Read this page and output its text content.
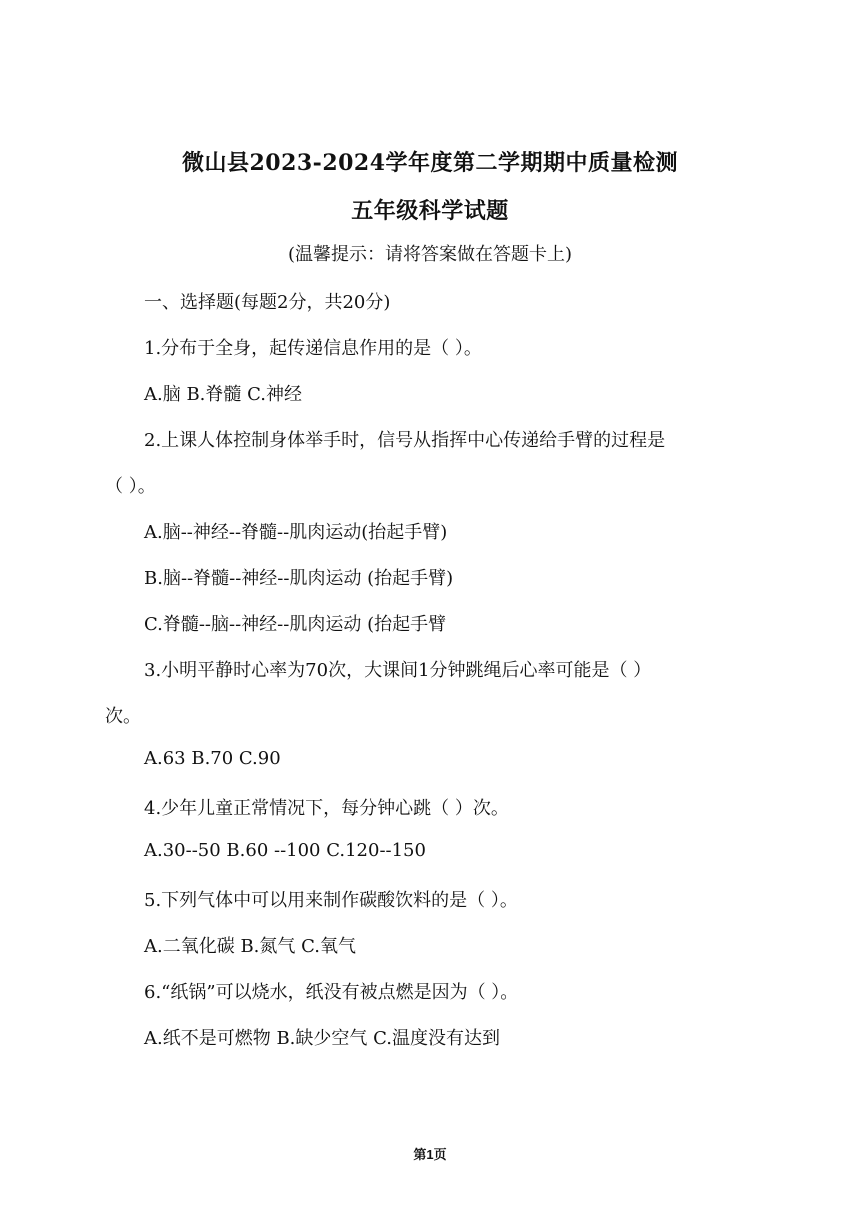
微山县2023-2024学年度第二学期期中质量检测
五年级科学试题
(温馨提示：请将答案做在答题卡上)
一、选择题(每题2分，共20分)
1.分布于全身，起传递信息作用的是（ ）。
A.脑 B.脊髓 C.神经
2.上课人体控制身体举手时，信号从指挥中心传递给手臂的过程是
（ ）。
A.脑--神经--脊髓--肌肉运动(抬起手臂)
B.脑--脊髓--神经--肌肉运动 (抬起手臂)
C.脊髓--脑--神经--肌肉运动 (抬起手臂
3.小明平静时心率为70次，大课间1分钟跳绳后心率可能是（ ）
次。
A.63 B.70 C.90
4.少年儿童正常情况下，每分钟心跳（ ）次。
A.30--50 B.60 --100 C.120--150
5.下列气体中可以用来制作碳酸饮料的是（ ）。
A.二氧化碳 B.氮气 C.氧气
6.“纸锅”可以烧水，纸没有被点燃是因为（ ）。
A.纸不是可燃物 B.缺少空气 C.温度没有达到
第1页
